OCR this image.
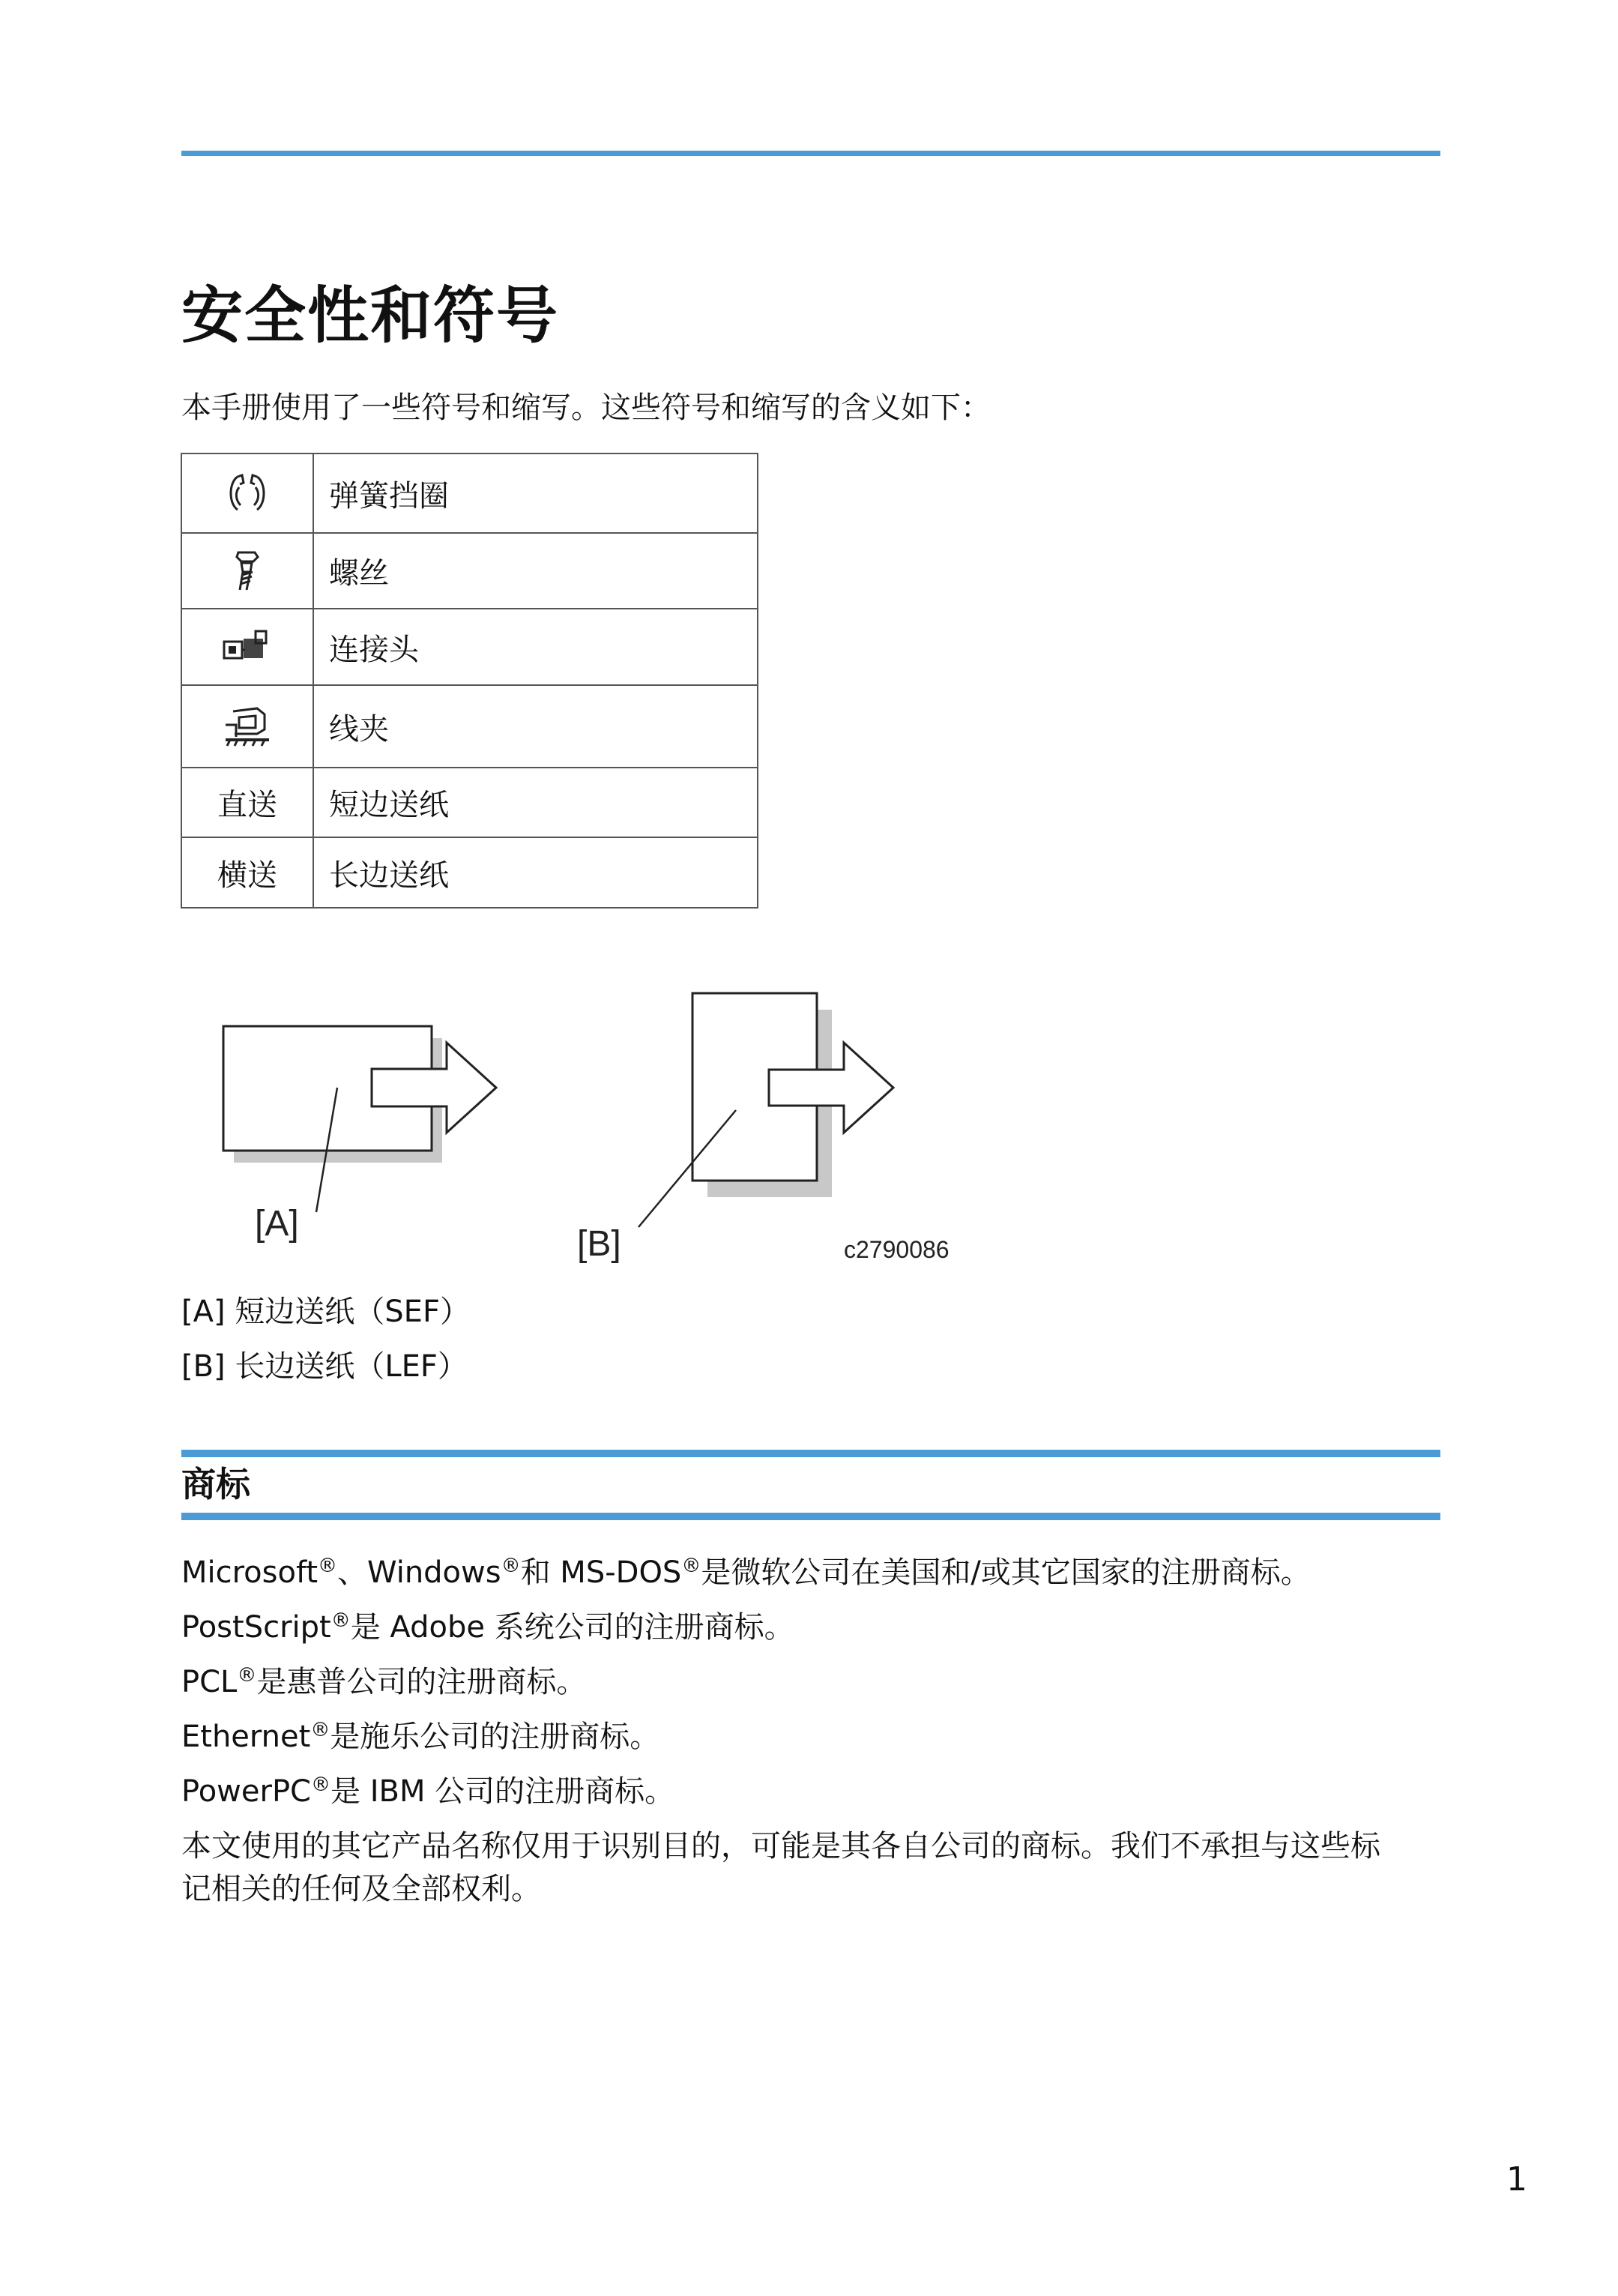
安全性和符号

本手册使用了一些符号和缩写。这些符号和缩写的含义如下：

	弹簧挡圈

	螺丝

	连接头

	线夹
直送	短边送纸
横送	长边送纸
[A]
[B]	c2790086

[A] 短边送纸（SEF）

[B] 长边送纸（LEF）

商标

Microsoft®、Windows®和 MS-DOS®是微软公司在美国和/或其它国家的注册商标。

PostScript®是 Adobe 系统公司的注册商标。

PCL®是惠普公司的注册商标。

Ethernet®是施乐公司的注册商标。

PowerPC®是 IBM 公司的注册商标。

本文使用的其它产品名称仅用于识别目的，可能是其各自公司的商标。我们不承担与这些标

记相关的任何及全部权利。

1
